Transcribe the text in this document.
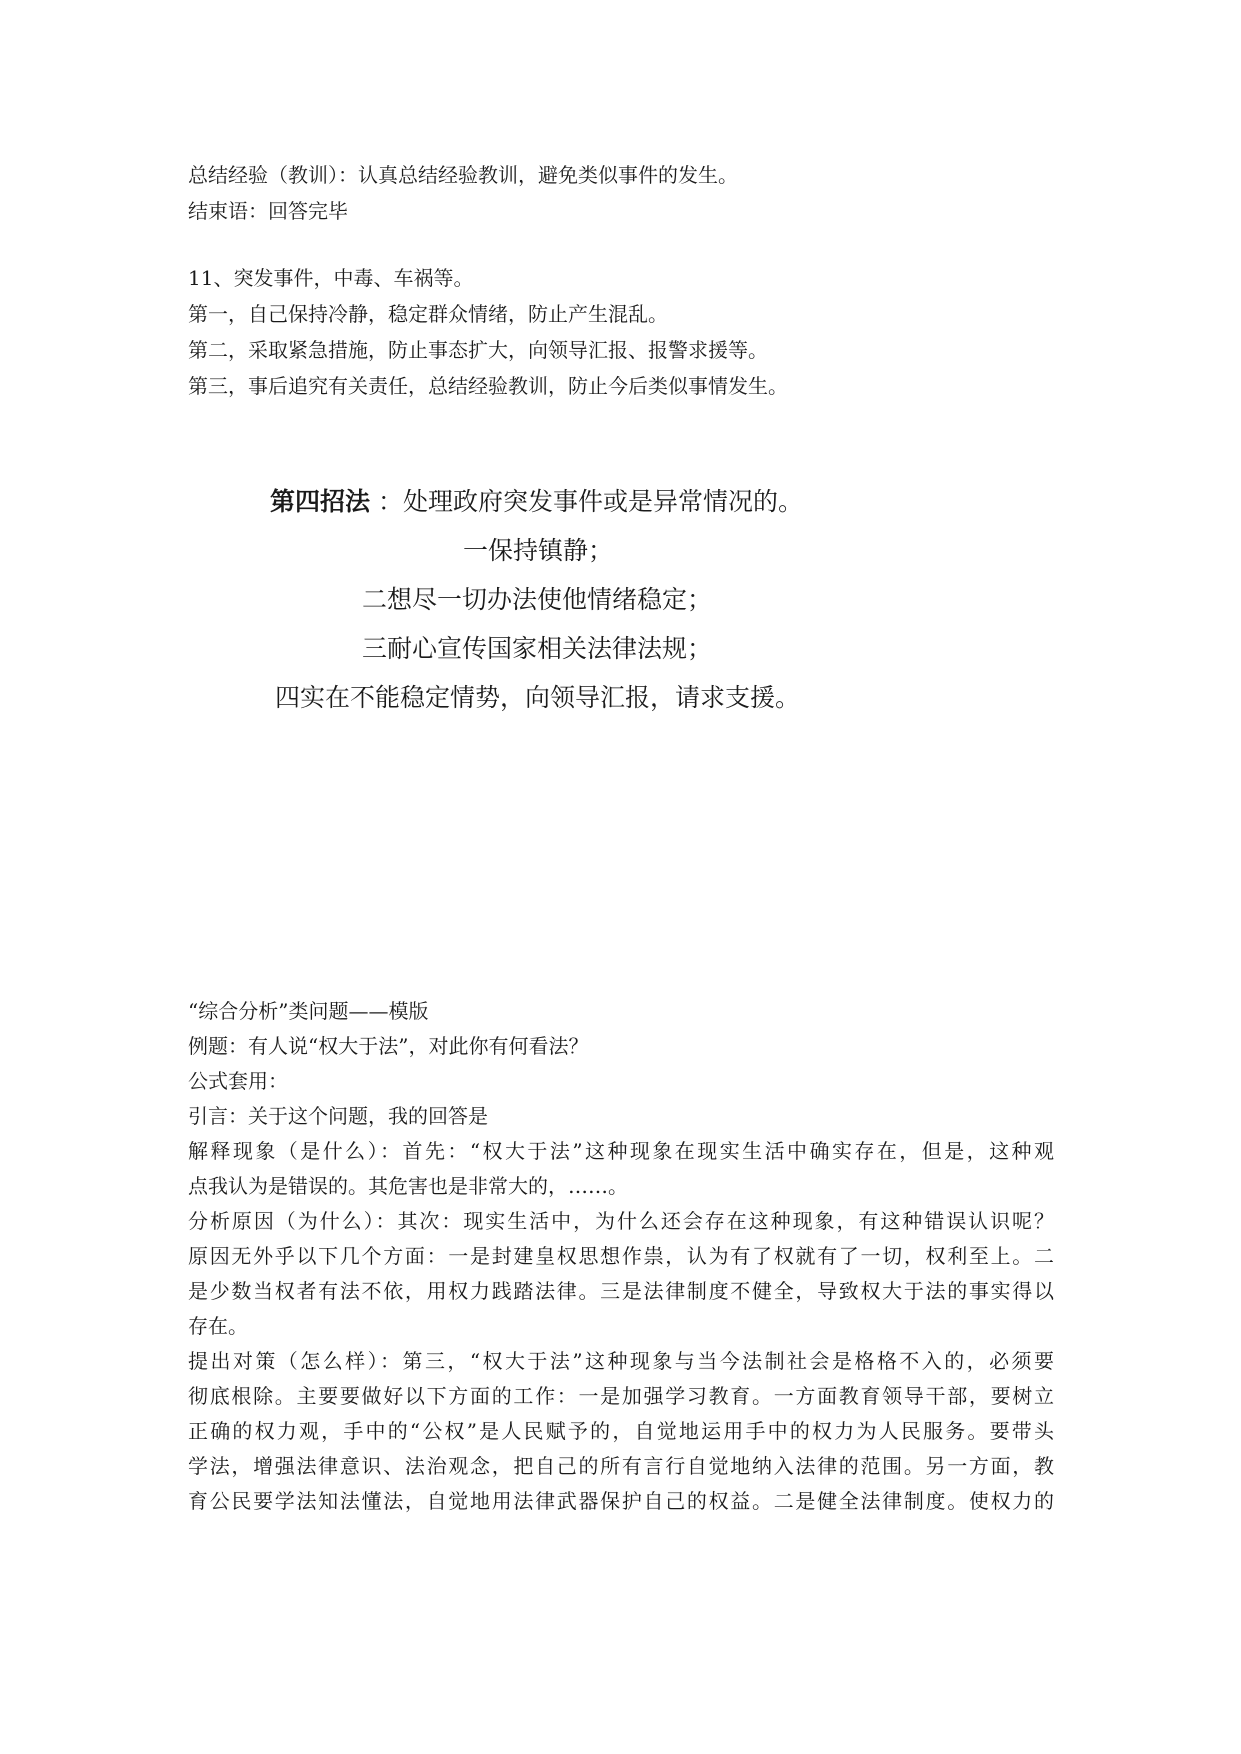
总结经验（教训）：认真总结经验教训，避免类似事件的发生。
结束语：回答完毕
11、突发事件，中毒、车祸等。
第一，自己保持冷静，稳定群众情绪，防止产生混乱。
第二，采取紧急措施，防止事态扩大，向领导汇报、报警求援等。
第三，事后追究有关责任，总结经验教训，防止今后类似事情发生。
第四招法 ：处理政府突发事件或是异常情况的。
一保持镇静；
二想尽一切办法使他情绪稳定；
三耐心宣传国家相关法律法规；
四实在不能稳定情势，向领导汇报，请求支援。
“综合分析”类问题——模版
例题：有人说“权大于法”，对此你有何看法？
公式套用：
引言：关于这个问题，我的回答是
解释现象（是什么）：首先：“权大于法”这种现象在现实生活中确实存在，但是，这种观
点我认为是错误的。其危害也是非常大的，……。
分析原因（为什么）：其次：现实生活中，为什么还会存在这种现象，有这种错误认识呢？
原因无外乎以下几个方面：一是封建皇权思想作祟，认为有了权就有了一切，权利至上。二
是少数当权者有法不依，用权力践踏法律。三是法律制度不健全，导致权大于法的事实得以
存在。
提出对策（怎么样）：第三，“权大于法”这种现象与当今法制社会是格格不入的，必须要
彻底根除。主要要做好以下方面的工作：一是加强学习教育。一方面教育领导干部，要树立
正确的权力观，手中的“公权”是人民赋予的，自觉地运用手中的权力为人民服务。要带头
学法，增强法律意识、法治观念，把自己的所有言行自觉地纳入法律的范围。另一方面，教
育公民要学法知法懂法，自觉地用法律武器保护自己的权益。二是健全法律制度。使权力的
